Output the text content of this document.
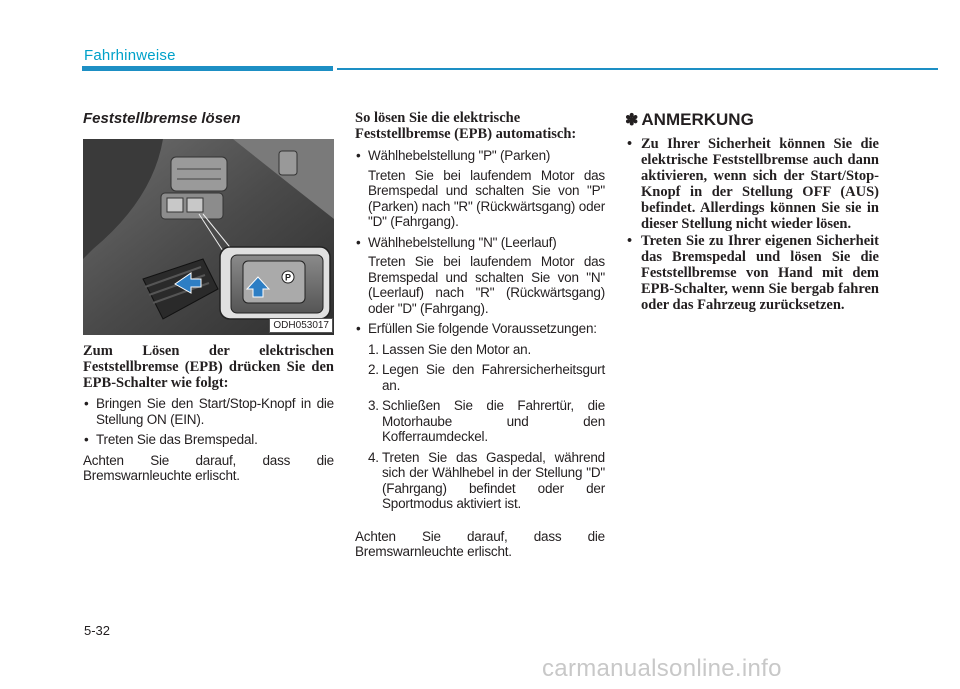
Fahrhinweise
Feststellbremse lösen
P
ODH053017
Zum Lösen der elektrischen Feststellbremse (EPB) drücken Sie den EPB-Schalter wie folgt:
• Bringen Sie den Start/Stop-Knopf in die Stellung ON (EIN).
• Treten Sie das Bremspedal.
Achten Sie darauf, dass die Bremswarnleuchte erlischt.
So lösen Sie die elektrische Feststellbremse (EPB) automatisch:
• Wählhebelstellung "P" (Parken)
Treten Sie bei laufendem Motor das Bremspedal und schalten Sie von "P" (Parken) nach "R" (Rückwärtsgang) oder "D" (Fahrgang).
• Wählhebelstellung "N" (Leerlauf)
Treten Sie bei laufendem Motor das Bremspedal und schalten Sie von "N" (Leerlauf) nach "R" (Rückwärtsgang) oder "D" (Fahrgang).
• Erfüllen Sie folgende Voraussetzungen:
1. Lassen Sie den Motor an.
2. Legen Sie den Fahrersicherheitsgurt an.
3. Schließen Sie die Fahrertür, die Motorhaube und den Kofferraumdeckel.
4. Treten Sie das Gaspedal, während sich der Wählhebel in der Stellung "D" (Fahrgang) befindet oder der Sportmodus aktiviert ist.
Achten Sie darauf, dass die Bremswarnleuchte erlischt.
✽ ANMERKUNG
• Zu Ihrer Sicherheit können Sie die elektrische Feststellbremse auch dann aktivieren, wenn sich der Start/Stop-Knopf in der Stellung OFF (AUS) befindet. Allerdings können Sie sie in dieser Stellung nicht wieder lösen.
• Treten Sie zu Ihrer eigenen Sicherheit das Bremspedal und lösen Sie die Feststellbremse von Hand mit dem EPB-Schalter, wenn Sie bergab fahren oder das Fahrzeug zurücksetzen.
5-32
carmanualsonline.info
